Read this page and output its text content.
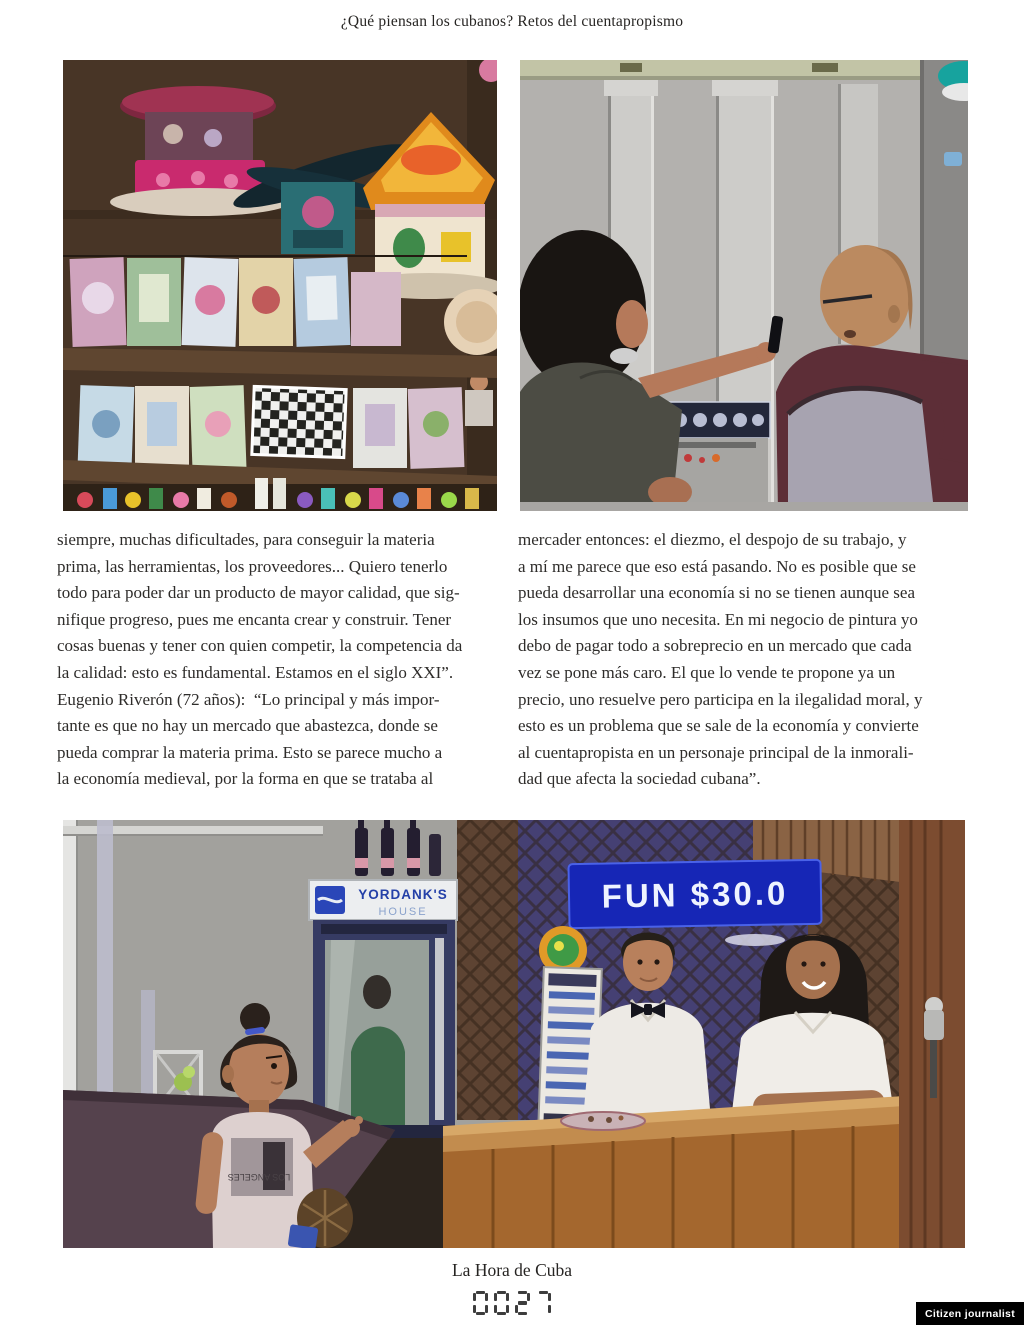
¿Qué piensan los cubanos? Retos del cuentapropismo
siempre, muchas dificultades, para conseguir la materia
prima, las herramientas, los proveedores... Quiero tenerlo
todo para poder dar un producto de mayor calidad, que sig-
nifique progreso, pues me encanta crear y construir. Tener
cosas buenas y tener con quien competir, la competencia da
la calidad: esto es fundamental. Estamos en el siglo XXI”.
Eugenio Riverón (72 años):  “Lo principal y más impor-
tante es que no hay un mercado que abastezca, donde se
pueda comprar la materia prima. Esto se parece mucho a
la economía medieval, por la forma en que se trataba al
mercader entonces: el diezmo, el despojo de su trabajo, y
a mí me parece que eso está pasando. No es posible que se
pueda desarrollar una economía si no se tienen aunque sea
los insumos que uno necesita. En mi negocio de pintura yo
debo de pagar todo a sobreprecio en un mercado que cada
vez se pone más caro. El que lo vende te propone ya un
precio, uno resuelve pero participa en la ilegalidad moral, y
esto es un problema que se sale de la economía y convierte
al cuentapropista en un personaje principal de la inmorali-
dad que afecta la sociedad cubana”.
YORDANK'S
HOUSE	FUN $30.0
LOS ANGELES
La Hora de Cuba
Citizen journalist
